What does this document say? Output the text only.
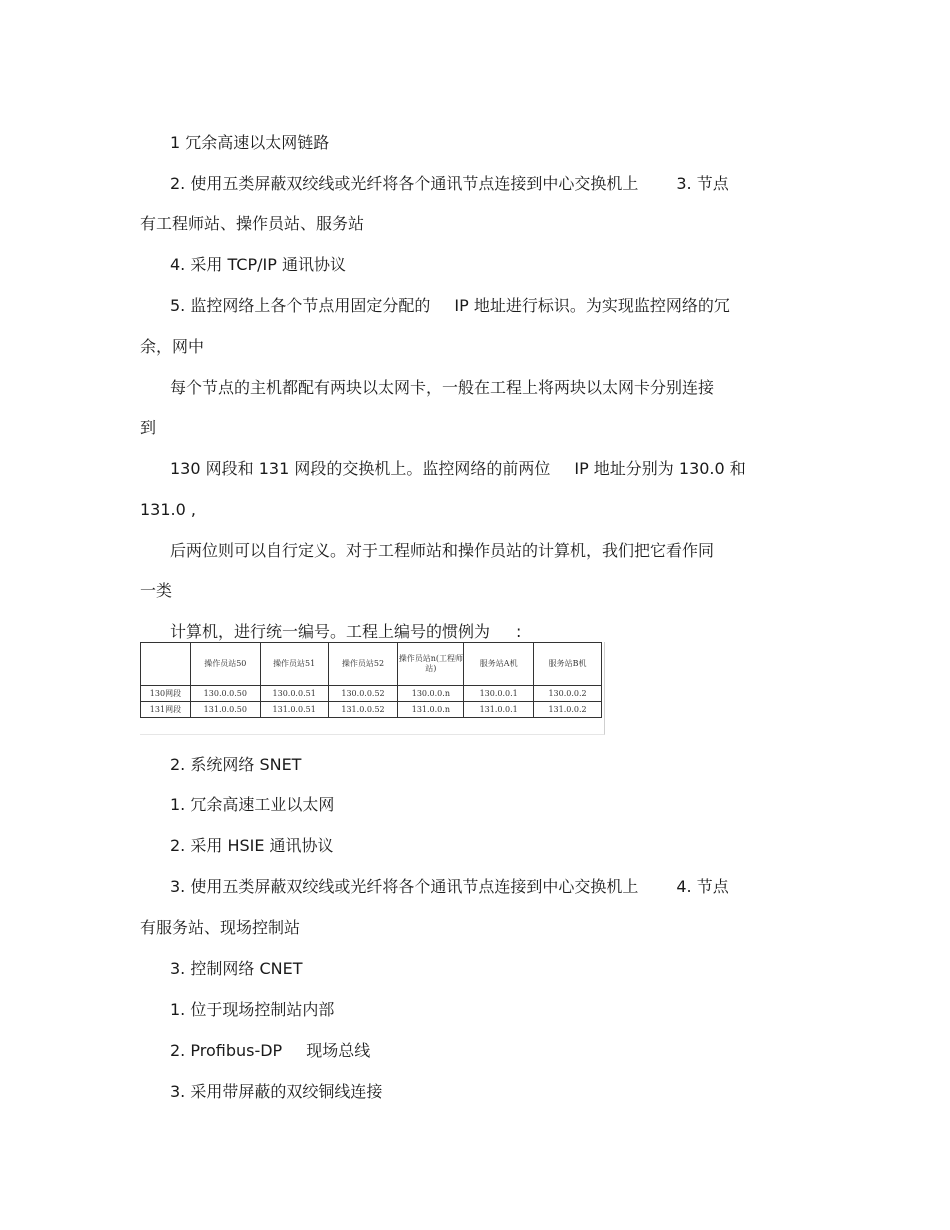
1 冗余高速以太网链路
2. 使用五类屏蔽双绞线或光纤将各个通讯节点连接到中心交换机上 3. 节点
有工程师站、操作员站、服务站
4. 采用 TCP/IP 通讯协议
5. 监控网络上各个节点用固定分配的 IP 地址进行标识。为实现监控网络的冗
余，网中
每个节点的主机都配有两块以太网卡，一般在工程上将两块以太网卡分别连接
到
130 网段和 131 网段的交换机上。监控网络的前两位 IP 地址分别为 130.0 和
131.0 ,
后两位则可以自行定义。对于工程师站和操作员站的计算机，我们把它看作同
一类
计算机，进行统一编号。工程上编号的惯例为 :
	操作员站50	操作员站51	操作员站52	操作员站n(工程师站)	服务站A机	服务站B机
130网段	130.0.0.50	130.0.0.51	130.0.0.52	130.0.0.n	130.0.0.1	130.0.0.2
131网段	131.0.0.50	131.0.0.51	131.0.0.52	131.0.0.n	131.0.0.1	131.0.0.2
2. 系统网络 SNET
1. 冗余高速工业以太网
2. 采用 HSIE 通讯协议
3. 使用五类屏蔽双绞线或光纤将各个通讯节点连接到中心交换机上 4. 节点
有服务站、现场控制站
3. 控制网络 CNET
1. 位于现场控制站内部
2. Profibus-DP 现场总线
3. 采用带屏蔽的双绞铜线连接
